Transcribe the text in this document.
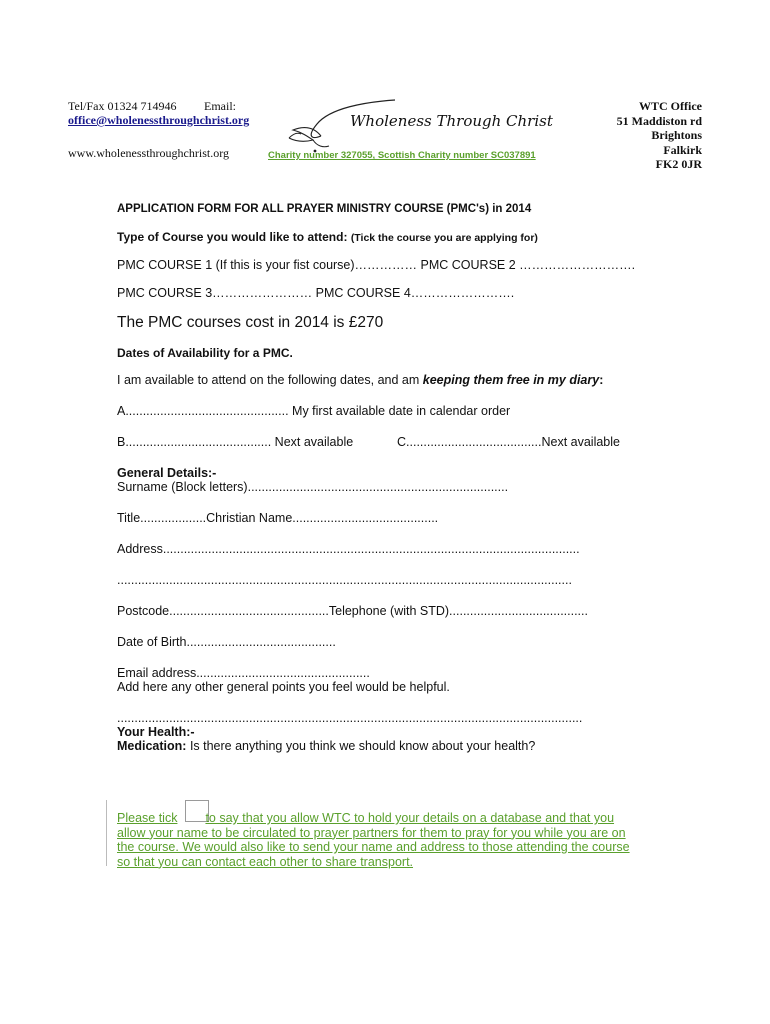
Tel/Fax 01324 714946 Email:
office@wholenessthroughchrist.org
www.wholenessthroughchrist.org
Wholeness Through Christ
Charity number 327055, Scottish Charity number SC037891
WTC Office
51 Maddiston rd
Brightons
Falkirk
FK2 0JR
APPLICATION FORM FOR ALL PRAYER MINISTRY COURSE (PMC's) in 2014
Type of Course you would like to attend: (Tick the course you are applying for)
PMC COURSE 1 (If this is your fist course)…………… PMC COURSE 2 ……………………….
PMC COURSE 3…………………… PMC COURSE 4…………………….
The PMC courses cost in 2014 is £270
Dates of Availability for a PMC.
I am available to attend on the following dates, and am keeping them free in my diary:
A............................................... My first available date in calendar order
B.......................................... Next available	C.......................................Next available
General Details:-
Surname (Block letters)...........................................................................
Title...................Christian Name..........................................
Address........................................................................................................................
...................................................................................................................................
Postcode..............................................Telephone (with STD)........................................
Date of Birth...........................................
Email address..................................................
Add here any other general points you feel would be helpful.
......................................................................................................................................
Your Health:-
Medication: Is there anything you think we should know about your health?
Please tick to say that you allow WTC to hold your details on a database and that you
allow your name to be circulated to prayer partners for them to pray for you while you are on
the course. We would also like to send your name and address to those attending the course
so that you can contact each other to share transport.
